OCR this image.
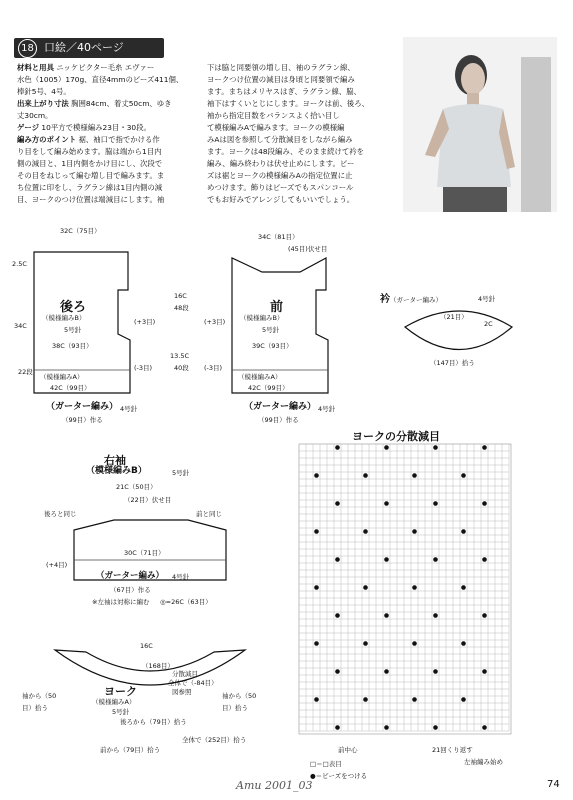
18 口絵／40ページ

材料と用具 ニッケビクター毛糸 エヴァー

水色（1005）170g、直径4mmのビーズ411個、

棒針5号、4号。

出来上がり寸法 胸囲84cm、着丈50cm、ゆき

丈30cm。

ゲージ 10平方で模様編み23目・30段。

編み方のポイント 裾、袖口で指でかける作

り目をして編み始めます。脇は端から1目内

側の減目と、1目内側をかけ目にし、次段で

その目をねじって編む増し目で編みます。ま

ち位置に印をし、ラグラン線は1目内側の減

目、ヨークのつけ位置は端減目にします。袖

下は脇と同要領の増し目、袖のラグラン線、

ヨークつけ位置の減目は身頃と同要領で編み

ます。まちはメリヤスはぎ、ラグラン線、脇、

袖下はすくいとじにします。ヨークは前、後ろ、

袖から指定目数をバランスよく拾い目し

て模様編みAで編みます。ヨークの模様編

みAは図を参照して分散減目をしながら編み

ます。ヨークは48段編み、そのまま続けて衿を

編み、編み終わりは伏せ止めにします。ビー

ズは裾とヨークの模様編みAの指定位置に止

めつけます。飾りはビーズでもスパンコール

でもお好みでアレンジしてもいいでしょう。

後ろ
（模様編みB）
5号針
（模様編みA）
42C（99目）
38C（93目）
32C（75目）
34C
2.5C
22段
(+3目)
(-3目)
（ガーター編み） 4号針
（99目）作る
前
（模様編みB）
5号針
（模様編みA）
42C（99目）
39C（93目）
34C（81目）
(45目)伏せ目
16C
48段
13.5C
40段
(+3目)
(-3目)
（ガーター編み） 4号針
（99目）作る
衿（ガーター編み）	4号針
（21目）
2C
（147目）拾う
右袖
（模様編みB）	5号針
21C（50目）
（22目）伏せ目
後ろと同じ	前と同じ
30C（71目）
(+4目)
（ガーター編み） 4号針
（67目）作る
※左袖は対称に編む ◎=26C（63目）
16C
（168目）
分散減目
全体で（-84目）
図参照
ヨーク
（模様編みA）
5号針
袖から（50目）拾う
袖から（50目）拾う
後ろから（79目）拾う
前から（79目）拾う
全体で（252目）拾う
ヨークの分散減目
前中心	21回くり返す
左袖編み始め
□＝□表目
●＝ビーズをつける
Amu 2001_03	74
